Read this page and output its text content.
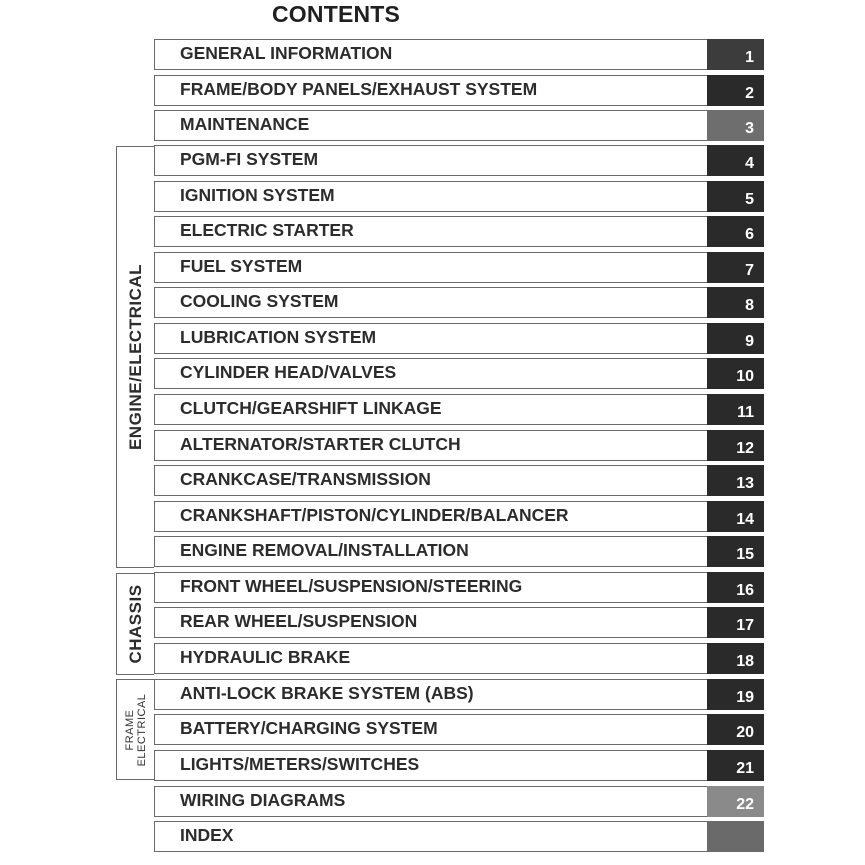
CONTENTS
ENGINE/ELECTRICAL
CHASSIS
FRAME ELECTRICAL
GENERAL INFORMATION	1
FRAME/BODY PANELS/EXHAUST SYSTEM	2
MAINTENANCE	3
PGM-FI SYSTEM	4
IGNITION SYSTEM	5
ELECTRIC STARTER	6
FUEL SYSTEM	7
COOLING SYSTEM	8
LUBRICATION SYSTEM	9
CYLINDER HEAD/VALVES	10
CLUTCH/GEARSHIFT LINKAGE	11
ALTERNATOR/STARTER CLUTCH	12
CRANKCASE/TRANSMISSION	13
CRANKSHAFT/PISTON/CYLINDER/BALANCER	14
ENGINE REMOVAL/INSTALLATION	15
FRONT WHEEL/SUSPENSION/STEERING	16
REAR WHEEL/SUSPENSION	17
HYDRAULIC BRAKE	18
ANTI-LOCK BRAKE SYSTEM (ABS)	19
BATTERY/CHARGING SYSTEM	20
LIGHTS/METERS/SWITCHES	21
WIRING DIAGRAMS	22
INDEX
